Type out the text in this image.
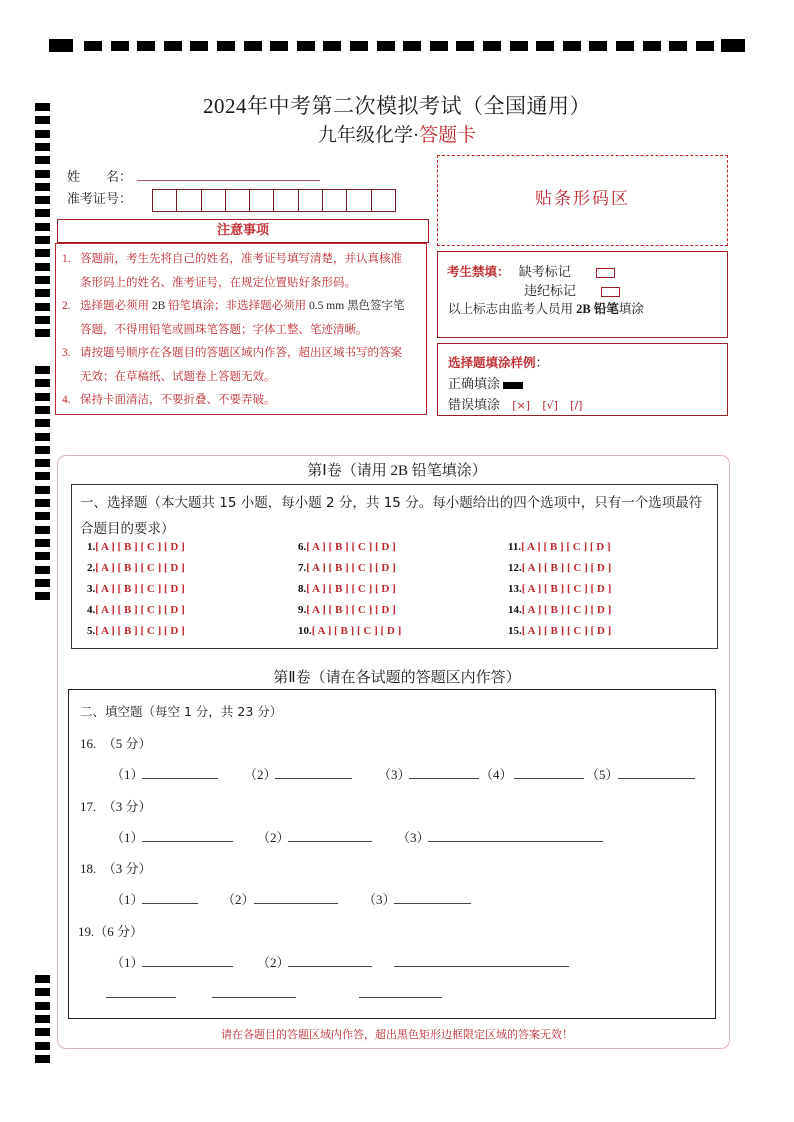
2024年中考第二次模拟考试（全国通用）
九年级化学·答题卡
姓　　名：
准考证号：
注意事项
1. 答题前，考生先将自己的姓名，准考证号填写清楚，并认真核准
条形码上的姓名、准考证号，在规定位置贴好条形码。
2. 选择题必须用 2B 铅笔填涂；非选择题必须用 0.5 mm 黑色签字笔
答题，不得用铅笔或圆珠笔答题；字体工整、笔迹清晰。
3. 请按题号顺序在各题目的答题区域内作答，超出区域书写的答案
无效；在草稿纸、试题卷上答题无效。
4. 保持卡面清洁，不要折叠、不要弄破。
贴条形码区
考生禁填： 缺考标记
违纪标记
以上标志由监考人员用 2B 铅笔填涂
选择题填涂样例：
正确填涂
错误填涂 [×] [√] [/]
第Ⅰ卷（请用 2B 铅笔填涂）
一、选择题（本大题共 15 小题，每小题 2 分，共 15 分。每小题给出的四个选项中，只有一个选项最符
合题目的要求）
1.[ A ] [ B ] [ C ] [ D ]
2.[ A ] [ B ] [ C ] [ D ]
3.[ A ] [ B ] [ C ] [ D ]
4.[ A ] [ B ] [ C ] [ D ]
5.[ A ] [ B ] [ C ] [ D ]
6.[ A ] [ B ] [ C ] [ D ]
7.[ A ] [ B ] [ C ] [ D ]
8.[ A ] [ B ] [ C ] [ D ]
9.[ A ] [ B ] [ C ] [ D ]
10.[ A ] [ B ] [ C ] [ D ]
11.[ A ] [ B ] [ C ] [ D ]
12.[ A ] [ B ] [ C ] [ D ]
13.[ A ] [ B ] [ C ] [ D ]
14.[ A ] [ B ] [ C ] [ D ]
15.[ A ] [ B ] [ C ] [ D ]
第Ⅱ卷（请在各试题的答题区内作答）
二、填空题（每空 1 分，共 23 分）
16.　（5 分）
（1）	（2）	（3）	（4）	（5）
17.　（3 分）
（1）	（2）	（3）
18.　（3 分）
（1）	（2）	（3）
19.（6 分）
（1）	（2）
请在各题目的答题区域内作答，超出黑色矩形边框限定区域的答案无效！
